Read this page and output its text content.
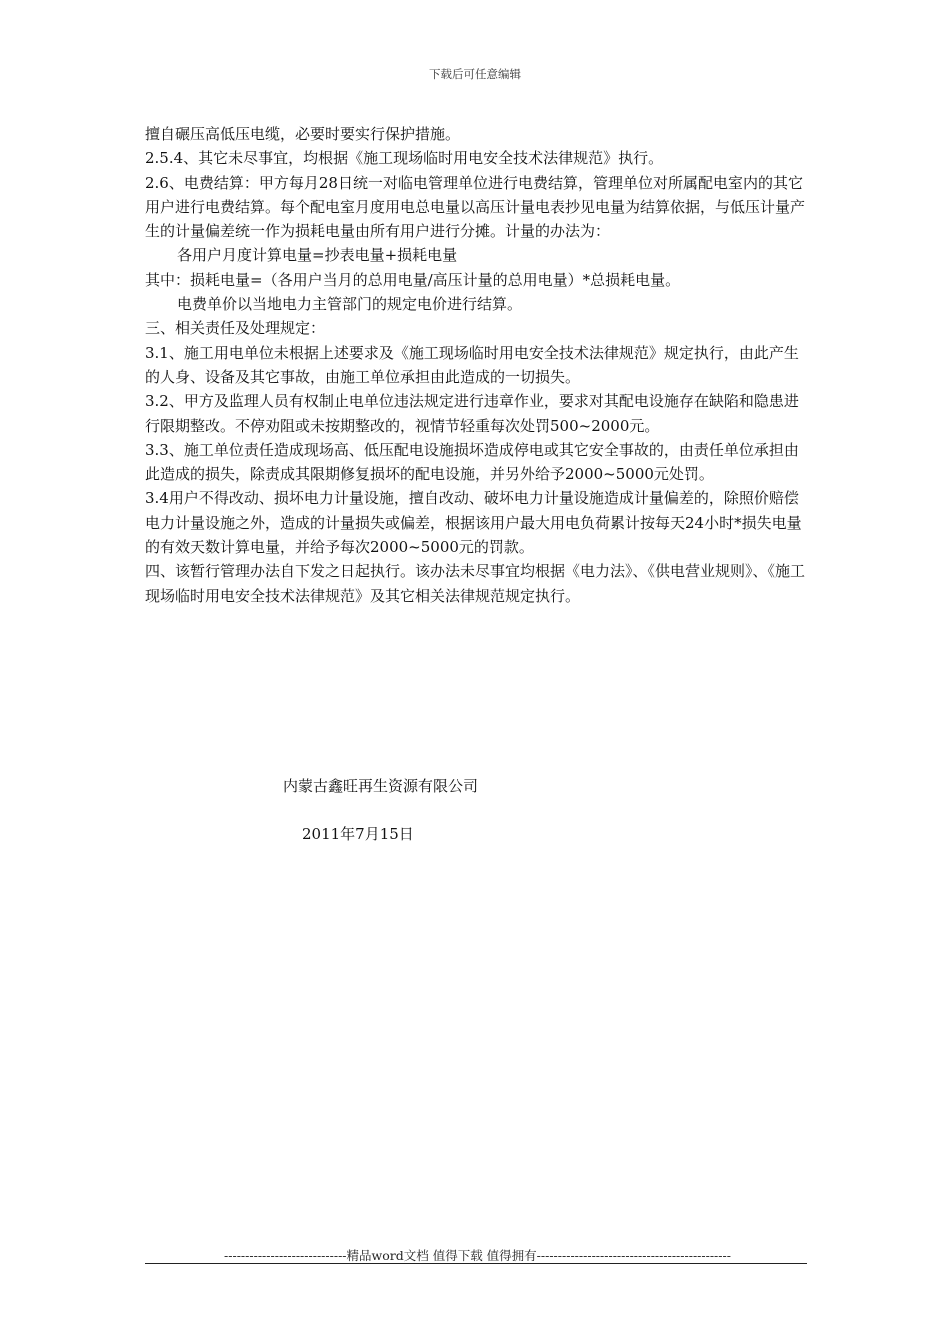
下载后可任意编辑

擅自碾压高低压电缆，必要时要实行保护措施。

2.5.4、其它未尽事宜，均根据《施工现场临时用电安全技术法律规范》执行。

2.6、电费结算：甲方每月28日统一对临电管理单位进行电费结算，管理单位对所属配电室内的其它用户进行电费结算。每个配电室月度用电总电量以高压计量电表抄见电量为结算依据，与低压计量产生的计量偏差统一作为损耗电量由所有用户进行分摊。计量的办法为：

各用户月度计算电量=抄表电量+损耗电量

其中：损耗电量=（各用户当月的总用电量/高压计量的总用电量）*总损耗电量。

电费单价以当地电力主管部门的规定电价进行结算。

三、相关责任及处理规定：

3.1、施工用电单位未根据上述要求及《施工现场临时用电安全技术法律规范》规定执行，由此产生的人身、设备及其它事故，由施工单位承担由此造成的一切损失。

3.2、甲方及监理人员有权制止电单位违法规定进行违章作业，要求对其配电设施存在缺陷和隐患进行限期整改。不停劝阻或未按期整改的，视情节轻重每次处罚500~2000元。

3.3、施工单位责任造成现场高、低压配电设施损坏造成停电或其它安全事故的，由责任单位承担由此造成的损失，除责成其限期修复损坏的配电设施，并另外给予2000~5000元处罚。

3.4用户不得改动、损坏电力计量设施，擅自改动、破坏电力计量设施造成计量偏差的，除照价赔偿电力计量设施之外，造成的计量损失或偏差，根据该用户最大用电负荷累计按每天24小时*损失电量的有效天数计算电量，并给予每次2000~5000元的罚款。

四、该暂行管理办法自下发之日起执行。该办法未尽事宜均根据《电力法》、《供电营业规则》、《施工现场临时用电安全技术法律规范》及其它相关法律规范规定执行。

内蒙古鑫旺再生资源有限公司
2011年7月15日
-----------------------------精品word文档 值得下载 值得拥有----------------------------------------------
